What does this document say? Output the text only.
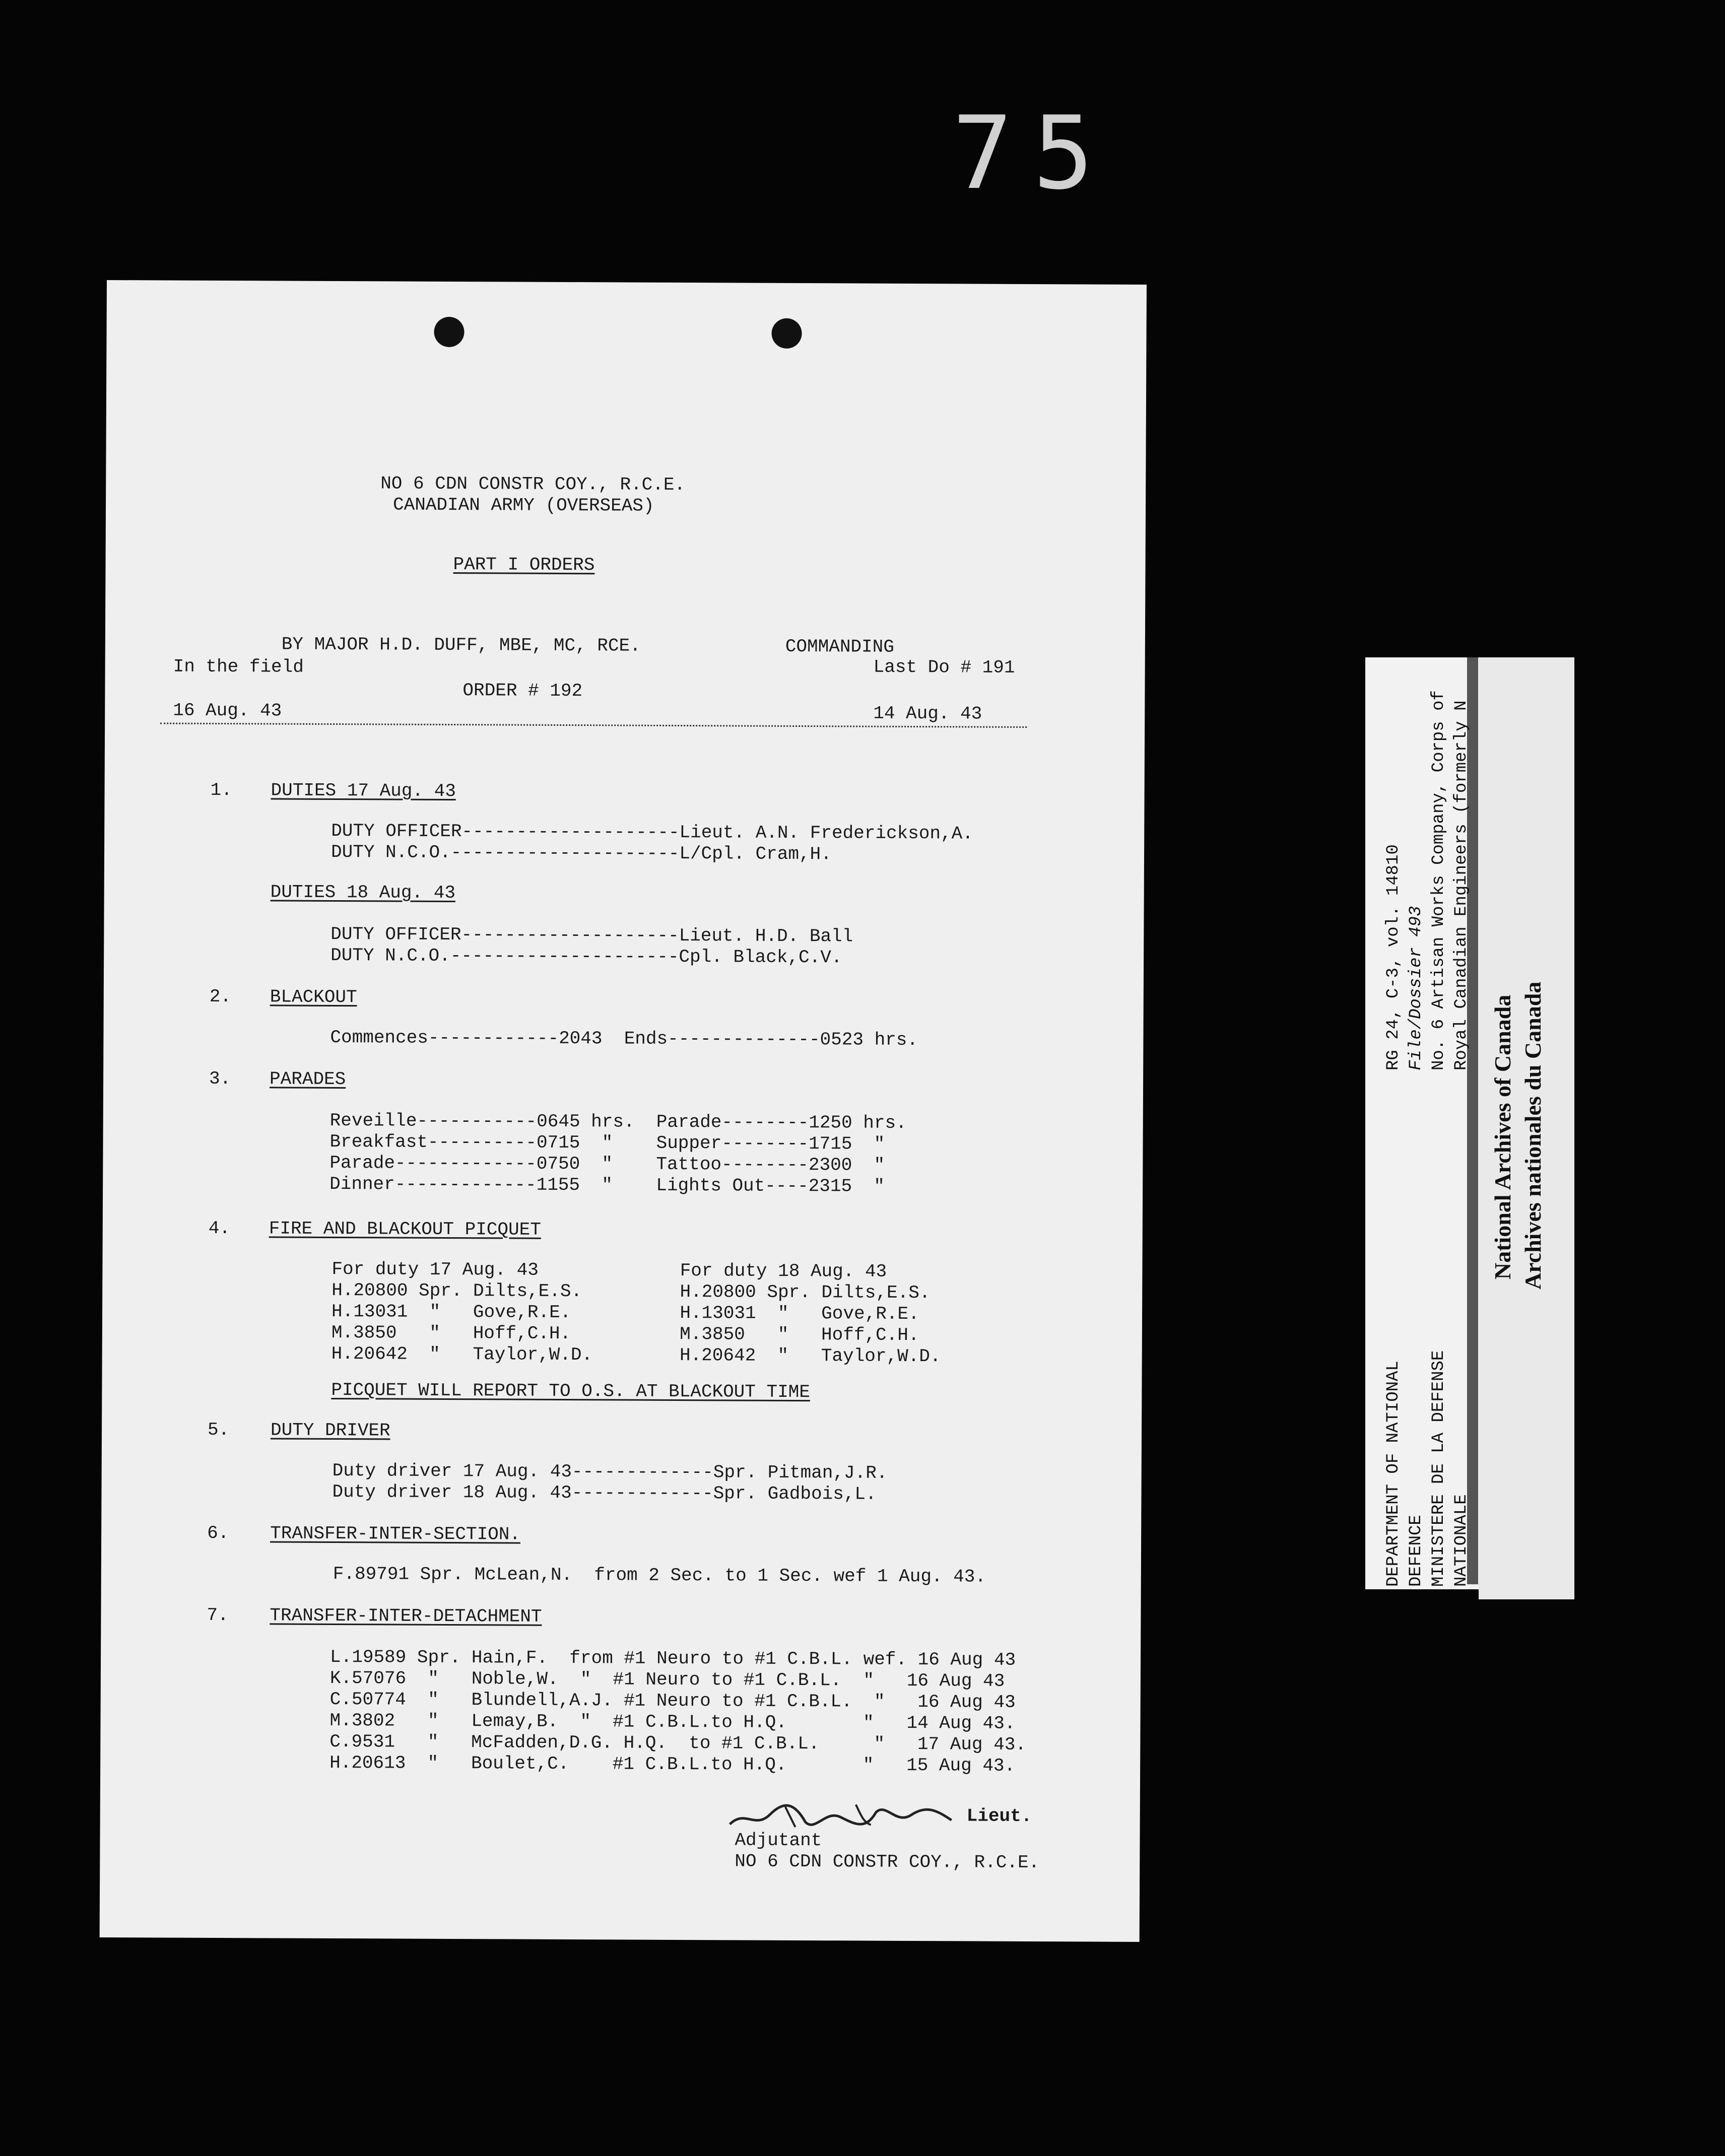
75
NO 6 CDN CONSTR COY., R.C.E.
CANADIAN ARMY (OVERSEAS)
PART I ORDERS
BY MAJOR H.D. DUFF, MBE, MC, RCE.	COMMANDING
In the field	Last Do # 191
ORDER # 192
16 Aug. 43	14 Aug. 43
1. DUTIES 17 Aug. 43
DUTY OFFICER--------------------Lieut. A.N. Frederickson,A.
DUTY N.C.O.---------------------L/Cpl. Cram,H.
DUTIES 18 Aug. 43
DUTY OFFICER--------------------Lieut. H.D. Ball
DUTY N.C.O.---------------------Cpl. Black,C.V.
2. BLACKOUT
Commences------------2043  Ends--------------0523 hrs.
3. PARADES
Reveille-----------0645 hrs.  Parade--------1250 hrs.
Breakfast----------0715  "    Supper--------1715  "
Parade-------------0750  "    Tattoo--------2300  "
Dinner-------------1155  "    Lights Out----2315  "
4. FIRE AND BLACKOUT PICQUET
For duty 17 Aug. 43             For duty 18 Aug. 43
H.20800 Spr. Dilts,E.S.         H.20800 Spr. Dilts,E.S.
H.13031  "   Gove,R.E.          H.13031  "   Gove,R.E.
M.3850   "   Hoff,C.H.          M.3850   "   Hoff,C.H.
H.20642  "   Taylor,W.D.        H.20642  "   Taylor,W.D.
PICQUET WILL REPORT TO O.S. AT BLACKOUT TIME
5. DUTY DRIVER
Duty driver 17 Aug. 43-------------Spr. Pitman,J.R.
Duty driver 18 Aug. 43-------------Spr. Gadbois,L.
6. TRANSFER-INTER-SECTION.
F.89791 Spr. McLean,N.  from 2 Sec. to 1 Sec. wef 1 Aug. 43.
7. TRANSFER-INTER-DETACHMENT
L.19589 Spr. Hain,F.  from #1 Neuro to #1 C.B.L. wef. 16 Aug 43
K.57076  "   Noble,W.  "  #1 Neuro to #1 C.B.L.  "   16 Aug 43
C.50774  "   Blundell,A.J. #1 Neuro to #1 C.B.L.  "   16 Aug 43
M.3802   "   Lemay,B.  "  #1 C.B.L.to H.Q.       "   14 Aug 43.
C.9531   "   McFadden,D.G. H.Q.  to #1 C.B.L.     "   17 Aug 43.
H.20613  "   Boulet,C.    #1 C.B.L.to H.Q.       "   15 Aug 43.
Lieut.
Adjutant
NO 6 CDN CONSTR COY., R.C.E.
RG 24, C-3, vol. 14810 File/Dossier 493 No. 6 Artisan Works Company, Corps of Royal Canadian Engineers (formerly N
DEPARTMENT OF NATIONAL DEFENCE MINISTERE DE LA DEFENSE NATIONALE
National Archives of Canada Archives nationales du Canada
